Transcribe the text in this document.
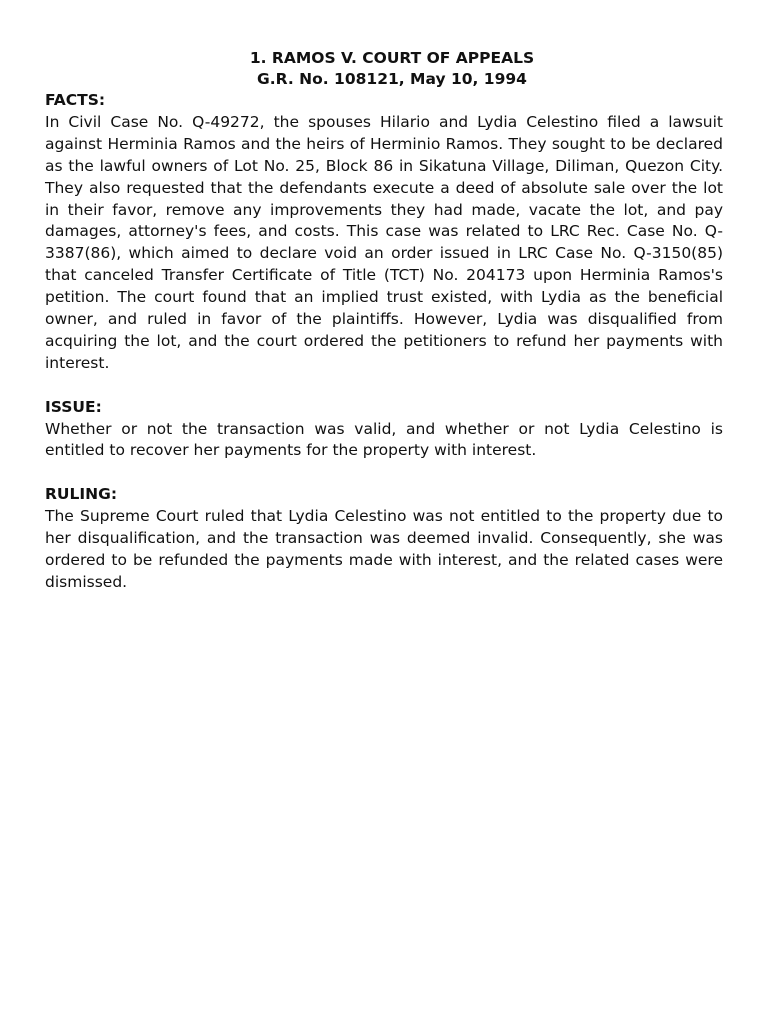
1. RAMOS V. COURT OF APPEALS
G.R. No. 108121, May 10, 1994
FACTS:

In Civil Case No. Q-49272, the spouses Hilario and Lydia Celestino filed a lawsuit against Herminia Ramos and the heirs of Herminio Ramos. They sought to be declared as the lawful owners of Lot No. 25, Block 86 in Sikatuna Village, Diliman, Quezon City. They also requested that the defendants execute a deed of absolute sale over the lot in their favor, remove any improvements they had made, vacate the lot, and pay damages, attorney's fees, and costs. This case was related to LRC Rec. Case No. Q-3387(86), which aimed to declare void an order issued in LRC Case No. Q-3150(85) that canceled Transfer Certificate of Title (TCT) No. 204173 upon Herminia Ramos's petition. The court found that an implied trust existed, with Lydia as the beneficial owner, and ruled in favor of the plaintiffs. However, Lydia was disqualified from acquiring the lot, and the court ordered the petitioners to refund her payments with interest.

ISSUE:

Whether or not the transaction was valid, and whether or not Lydia Celestino is entitled to recover her payments for the property with interest.

RULING:

The Supreme Court ruled that Lydia Celestino was not entitled to the property due to her disqualification, and the transaction was deemed invalid. Consequently, she was ordered to be refunded the payments made with interest, and the related cases were dismissed.
